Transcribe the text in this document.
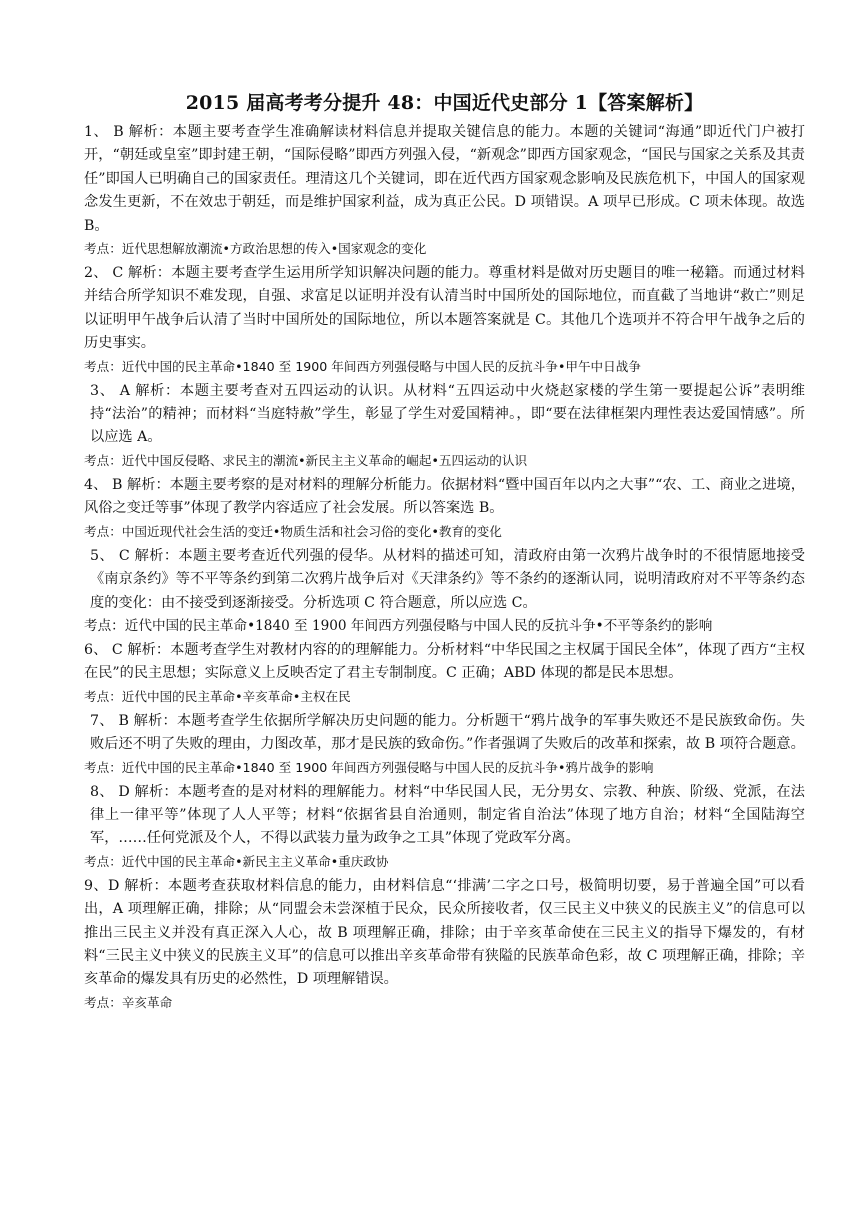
2015 届高考考分提升 48：中国近代史部分 1【答案解析】

1、 B 解析：本题主要考查学生准确解读材料信息并提取关键信息的能力。本题的关键词“海通”即近代门户被打开，“朝廷或皇室”即封建王朝，“国际侵略”即西方列强入侵，“新观念”即西方国家观念，“国民与国家之关系及其责任”即国人已明确自己的国家责任。理清这几个关键词，即在近代西方国家观念影响及民族危机下，中国人的国家观念发生更新，不在效忠于朝廷，而是维护国家利益，成为真正公民。D 项错误。A 项早已形成。C 项未体现。故选 B。

考点：近代思想解放潮流•方政治思想的传入•国家观念的变化

2、 C 解析：本题主要考查学生运用所学知识解决问题的能力。尊重材料是做对历史题目的唯一秘籍。而通过材料并结合所学知识不难发现，自强、求富足以证明并没有认清当时中国所处的国际地位，而直截了当地讲“救亡”则足以证明甲午战争后认清了当时中国所处的国际地位，所以本题答案就是 C。其他几个选项并不符合甲午战争之后的历史事实。

考点：近代中国的民主革命•1840 至 1900 年间西方列强侵略与中国人民的反抗斗争•甲午中日战争

3、 A 解析：本题主要考查对五四运动的认识。从材料“五四运动中火烧赵家楼的学生第一要提起公诉”表明维持“法治”的精神；而材料“当庭特赦”学生，彰显了学生对爱国精神。，即“要在法律框架内理性表达爱国情感”。所以应选 A。

考点：近代中国反侵略、求民主的潮流•新民主主义革命的崛起•五四运动的认识

4、 B 解析：本题主要考察的是对材料的理解分析能力。依据材料“暨中国百年以内之大事”“农、工、商业之进境，风俗之变迁等事”体现了教学内容适应了社会发展。所以答案选 B。

考点：中国近现代社会生活的变迁•物质生活和社会习俗的变化•教育的变化

5、 C 解析：本题主要考查近代列强的侵华。从材料的描述可知，清政府由第一次鸦片战争时的不很情愿地接受《南京条约》等不平等条约到第二次鸦片战争后对《天津条约》等不条约的逐渐认同，说明清政府对不平等条约态度的变化：由不接受到逐渐接受。分析选项 C 符合题意，所以应选 C。

考点：近代中国的民主革命•1840 至 1900 年间西方列强侵略与中国人民的反抗斗争•不平等条约的影响

6、 C 解析：本题考查学生对教材内容的的理解能力。分析材料“中华民国之主权属于国民全体”，体现了西方“主权在民”的民主思想；实际意义上反映否定了君主专制制度。C 正确；ABD 体现的都是民本思想。

考点：近代中国的民主革命•辛亥革命•主权在民

7、 B 解析：本题考查学生依据所学解决历史问题的能力。分析题干“鸦片战争的军事失败还不是民族致命伤。失败后还不明了失败的理由，力图改革，那才是民族的致命伤。”作者强调了失败后的改革和探索，故 B 项符合题意。

考点：近代中国的民主革命•1840 至 1900 年间西方列强侵略与中国人民的反抗斗争•鸦片战争的影响

8、 D 解析：本题考查的是对材料的理解能力。材料“中华民国人民，无分男女、宗教、种族、阶级、党派，在法律上一律平等”体现了人人平等；材料“依据省县自治通则，制定省自治法”体现了地方自治；材料“全国陆海空军，……任何党派及个人，不得以武装力量为政争之工具”体现了党政军分离。

考点：近代中国的民主革命•新民主主义革命•重庆政协

9、D 解析：本题考查获取材料信息的能力，由材料信息“‘排满’二字之口号，极简明切要，易于普遍全国”可以看出，A 项理解正确，排除；从“同盟会未尝深植于民众，民众所接收者，仅三民主义中狭义的民族主义”的信息可以推出三民主义并没有真正深入人心，故 B 项理解正确，排除；由于辛亥革命使在三民主义的指导下爆发的，有材料“三民主义中狭义的民族主义耳”的信息可以推出辛亥革命带有狭隘的民族革命色彩，故 C 项理解正确，排除；辛亥革命的爆发具有历史的必然性，D 项理解错误。

考点：辛亥革命
